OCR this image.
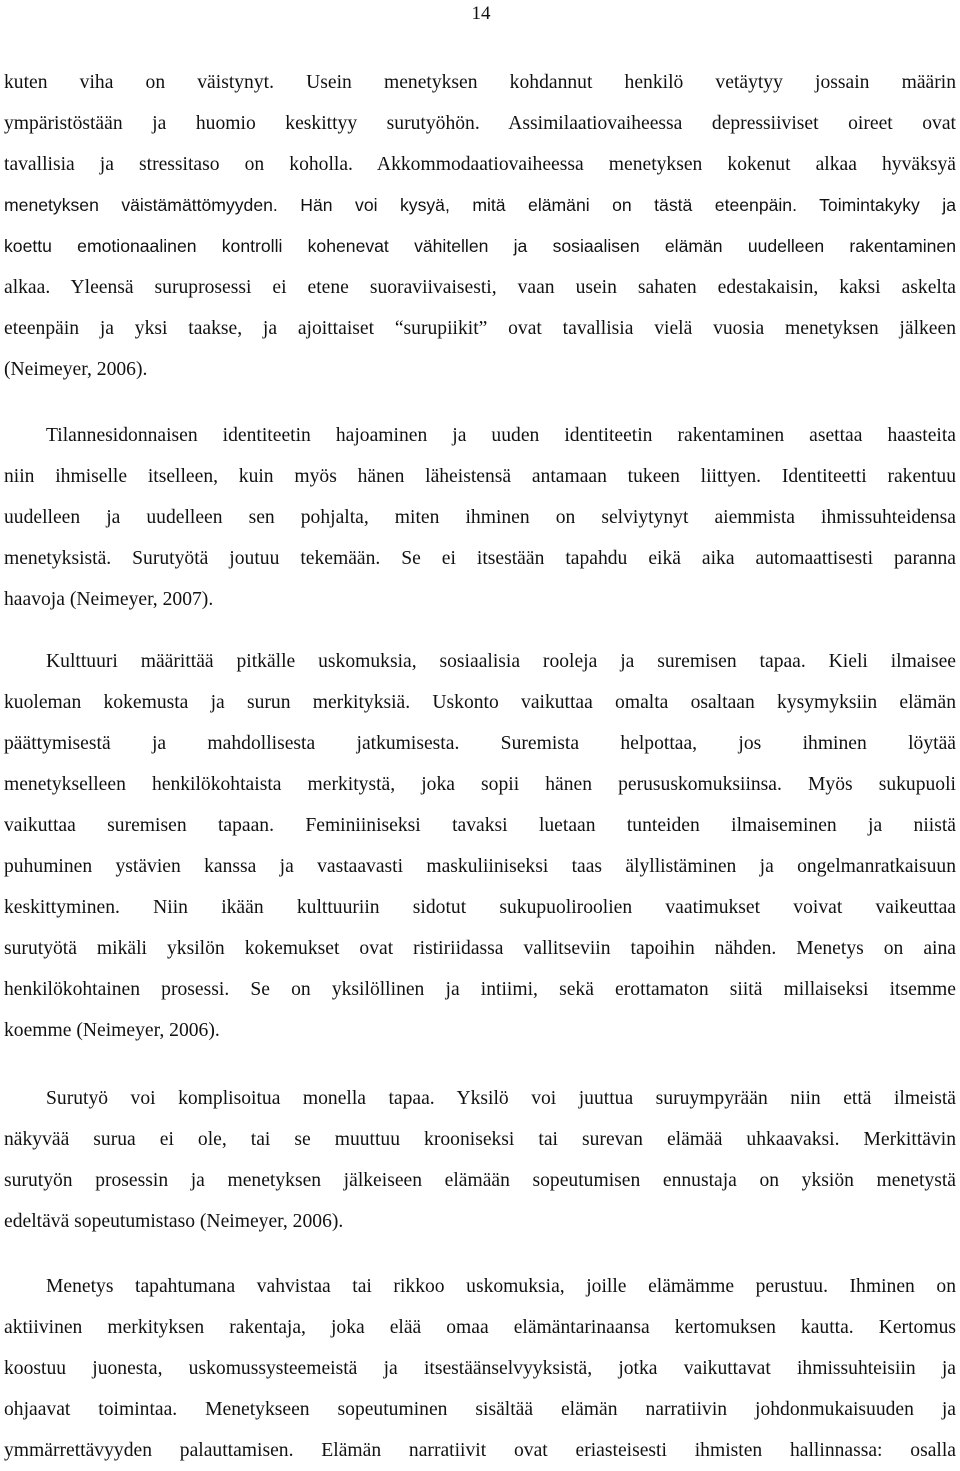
14
kuten viha on väistynyt. Usein menetyksen kohdannut henkilö vetäytyy jossain määrin
ympäristöstään ja huomio keskittyy surutyöhön. Assimilaatiovaiheessa depressiiviset oireet ovat
tavallisia ja stressitaso on koholla. Akkommodaatiovaiheessa menetyksen kokenut alkaa hyväksyä
menetyksen väistämättömyyden. Hän voi kysyä, mitä elämäni on tästä eteenpäin. Toimintakyky ja
koettu emotionaalinen kontrolli kohenevat vähitellen ja sosiaalisen elämän uudelleen rakentaminen
alkaa. Yleensä suruprosessi ei etene suoraviivaisesti, vaan usein sahaten edestakaisin, kaksi askelta
eteenpäin ja yksi taakse, ja ajoittaiset “surupiikit” ovat tavallisia vielä vuosia menetyksen jälkeen
(Neimeyer, 2006).
Tilannesidonnaisen identiteetin hajoaminen ja uuden identiteetin rakentaminen asettaa haasteita
niin ihmiselle itselleen, kuin myös hänen läheistensä antamaan tukeen liittyen. Identiteetti rakentuu
uudelleen ja uudelleen sen pohjalta, miten ihminen on selviytynyt aiemmista ihmissuhteidensa
menetyksistä. Surutyötä joutuu tekemään. Se ei itsestään tapahdu eikä aika automaattisesti paranna
haavoja (Neimeyer, 2007).
Kulttuuri määrittää pitkälle uskomuksia, sosiaalisia rooleja ja suremisen tapaa. Kieli ilmaisee
kuoleman kokemusta ja surun merkityksiä. Uskonto vaikuttaa omalta osaltaan kysymyksiin elämän
päättymisestä ja mahdollisesta jatkumisesta. Suremista helpottaa, jos ihminen löytää
menetykselleen henkilökohtaista merkitystä, joka sopii hänen perususkomuksiinsa. Myös sukupuoli
vaikuttaa suremisen tapaan. Feminiiniseksi tavaksi luetaan tunteiden ilmaiseminen ja niistä
puhuminen ystävien kanssa ja vastaavasti maskuliiniseksi taas älyllistäminen ja ongelmanratkaisuun
keskittyminen. Niin ikään kulttuuriin sidotut sukupuoliroolien vaatimukset voivat vaikeuttaa
surutyötä mikäli yksilön kokemukset ovat ristiriidassa vallitseviin tapoihin nähden. Menetys on aina
henkilökohtainen prosessi. Se on yksilöllinen ja intiimi, sekä erottamaton siitä millaiseksi itsemme
koemme (Neimeyer, 2006).
Surutyö voi komplisoitua monella tapaa. Yksilö voi juuttua suruympyrään niin että ilmeistä
näkyvää surua ei ole, tai se muuttuu krooniseksi tai surevan elämää uhkaavaksi. Merkittävin
surutyön prosessin ja menetyksen jälkeiseen elämään sopeutumisen ennustaja on yksiön menetystä
edeltävä sopeutumistaso (Neimeyer, 2006).
Menetys tapahtumana vahvistaa tai rikkoo uskomuksia, joille elämämme perustuu. Ihminen on
aktiivinen merkityksen rakentaja, joka elää omaa elämäntarinaansa kertomuksen kautta. Kertomus
koostuu juonesta, uskomussysteemeistä ja itsestäänselvyyksistä, jotka vaikuttavat ihmissuhteisiin ja
ohjaavat toimintaa. Menetykseen sopeutuminen sisältää elämän narratiivin johdonmukaisuuden ja
ymmärrettävyyden palauttamisen. Elämän narratiivit ovat eriasteisesti ihmisten hallinnassa: osalla
